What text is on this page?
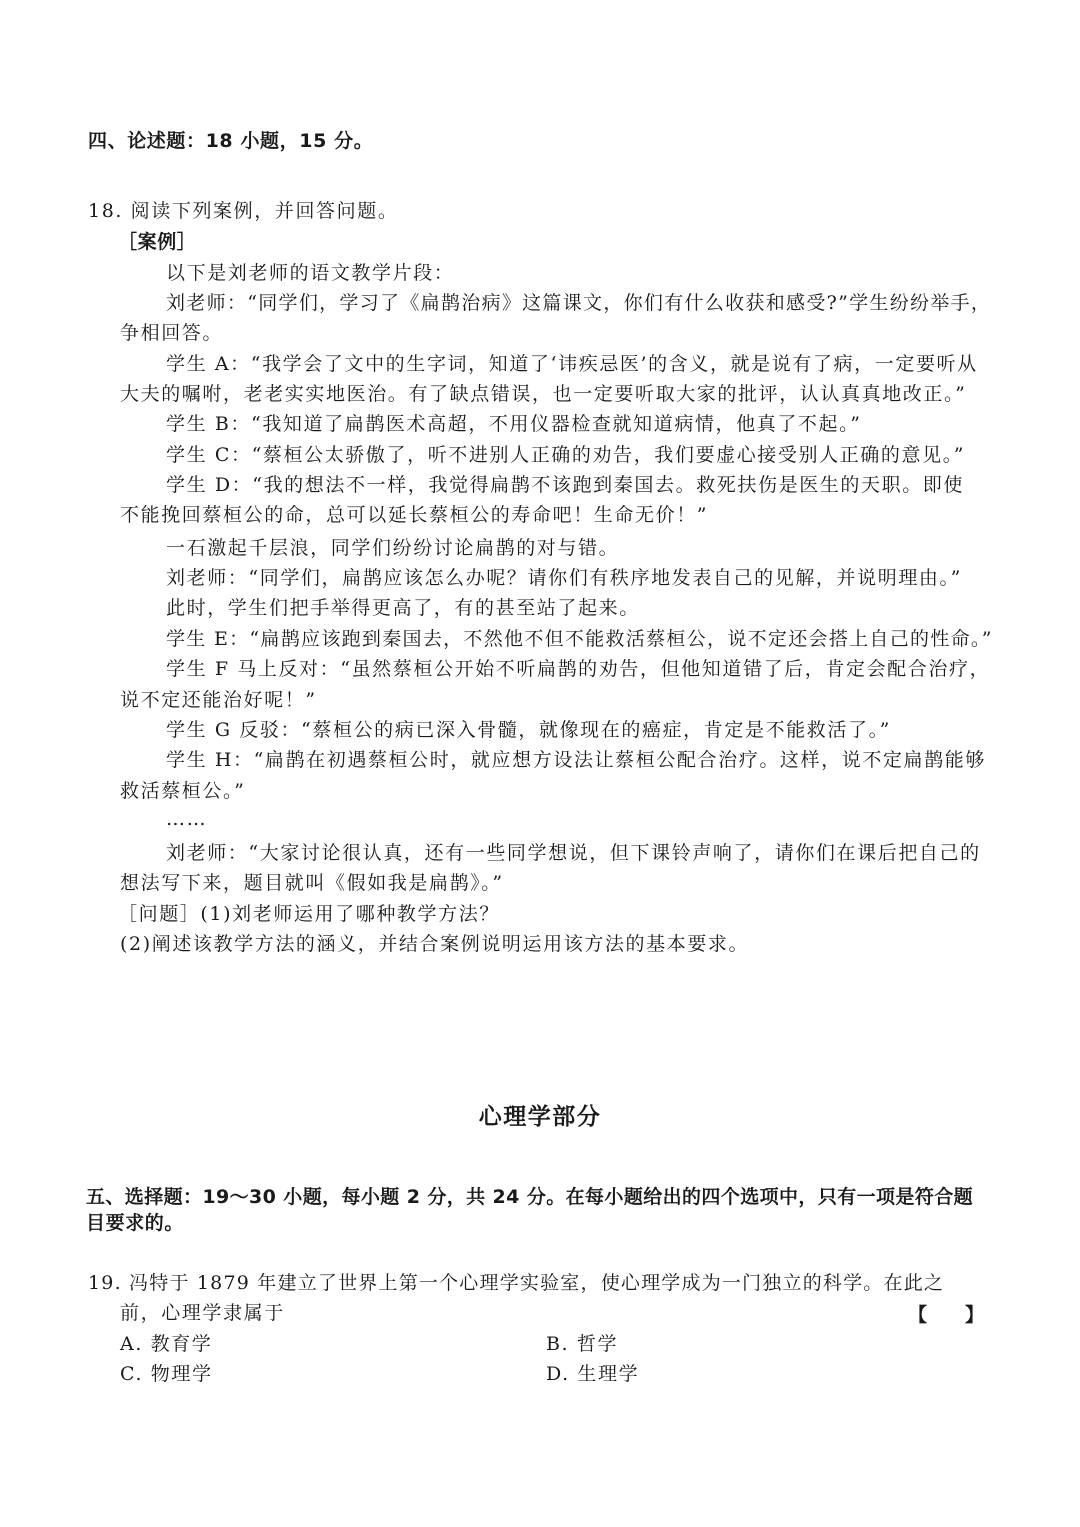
四、论述题：18 小题，15 分。
18. 阅读下列案例，并回答问题。
［案例］
以下是刘老师的语文教学片段：
刘老师：“同学们，学习了《扁鹊治病》这篇课文，你们有什么收获和感受?”学生纷纷举手，
争相回答。
学生 A：“我学会了文中的生字词，知道了‘讳疾忌医’的含义，就是说有了病，一定要听从
大夫的嘱咐，老老实实地医治。有了缺点错误，也一定要听取大家的批评，认认真真地改正。”
学生 B：“我知道了扁鹊医术高超，不用仪器检查就知道病情，他真了不起。”
学生 C：“蔡桓公太骄傲了，听不进别人正确的劝告，我们要虚心接受别人正确的意见。”
学生 D：“我的想法不一样，我觉得扁鹊不该跑到秦国去。救死扶伤是医生的天职。即使
不能挽回蔡桓公的命，总可以延长蔡桓公的寿命吧！生命无价！”
一石激起千层浪，同学们纷纷讨论扁鹊的对与错。
刘老师：“同学们，扁鹊应该怎么办呢？请你们有秩序地发表自己的见解，并说明理由。”
此时，学生们把手举得更高了，有的甚至站了起来。
学生 E：“扁鹊应该跑到秦国去，不然他不但不能救活蔡桓公，说不定还会搭上自己的性命。”
学生 F 马上反对：“虽然蔡桓公开始不听扁鹊的劝告，但他知道错了后，肯定会配合治疗，
说不定还能治好呢！”
学生 G 反驳：“蔡桓公的病已深入骨髓，就像现在的癌症，肯定是不能救活了。”
学生 H：“扁鹊在初遇蔡桓公时，就应想方设法让蔡桓公配合治疗。这样，说不定扁鹊能够
救活蔡桓公。”
……
刘老师：“大家讨论很认真，还有一些同学想说，但下课铃声响了，请你们在课后把自己的
想法写下来，题目就叫《假如我是扁鹊》。”
［问题］(1)刘老师运用了哪种教学方法？
(2)阐述该教学方法的涵义，并结合案例说明运用该方法的基本要求。
心理学部分
五、选择题：19～30 小题，每小题 2 分，共 24 分。在每小题给出的四个选项中，只有一项是符合题
目要求的。
19. 冯特于 1879 年建立了世界上第一个心理学实验室，使心理学成为一门独立的科学。在此之
前，心理学隶属于	【　　】
A. 教育学	B. 哲学
C. 物理学	D. 生理学
